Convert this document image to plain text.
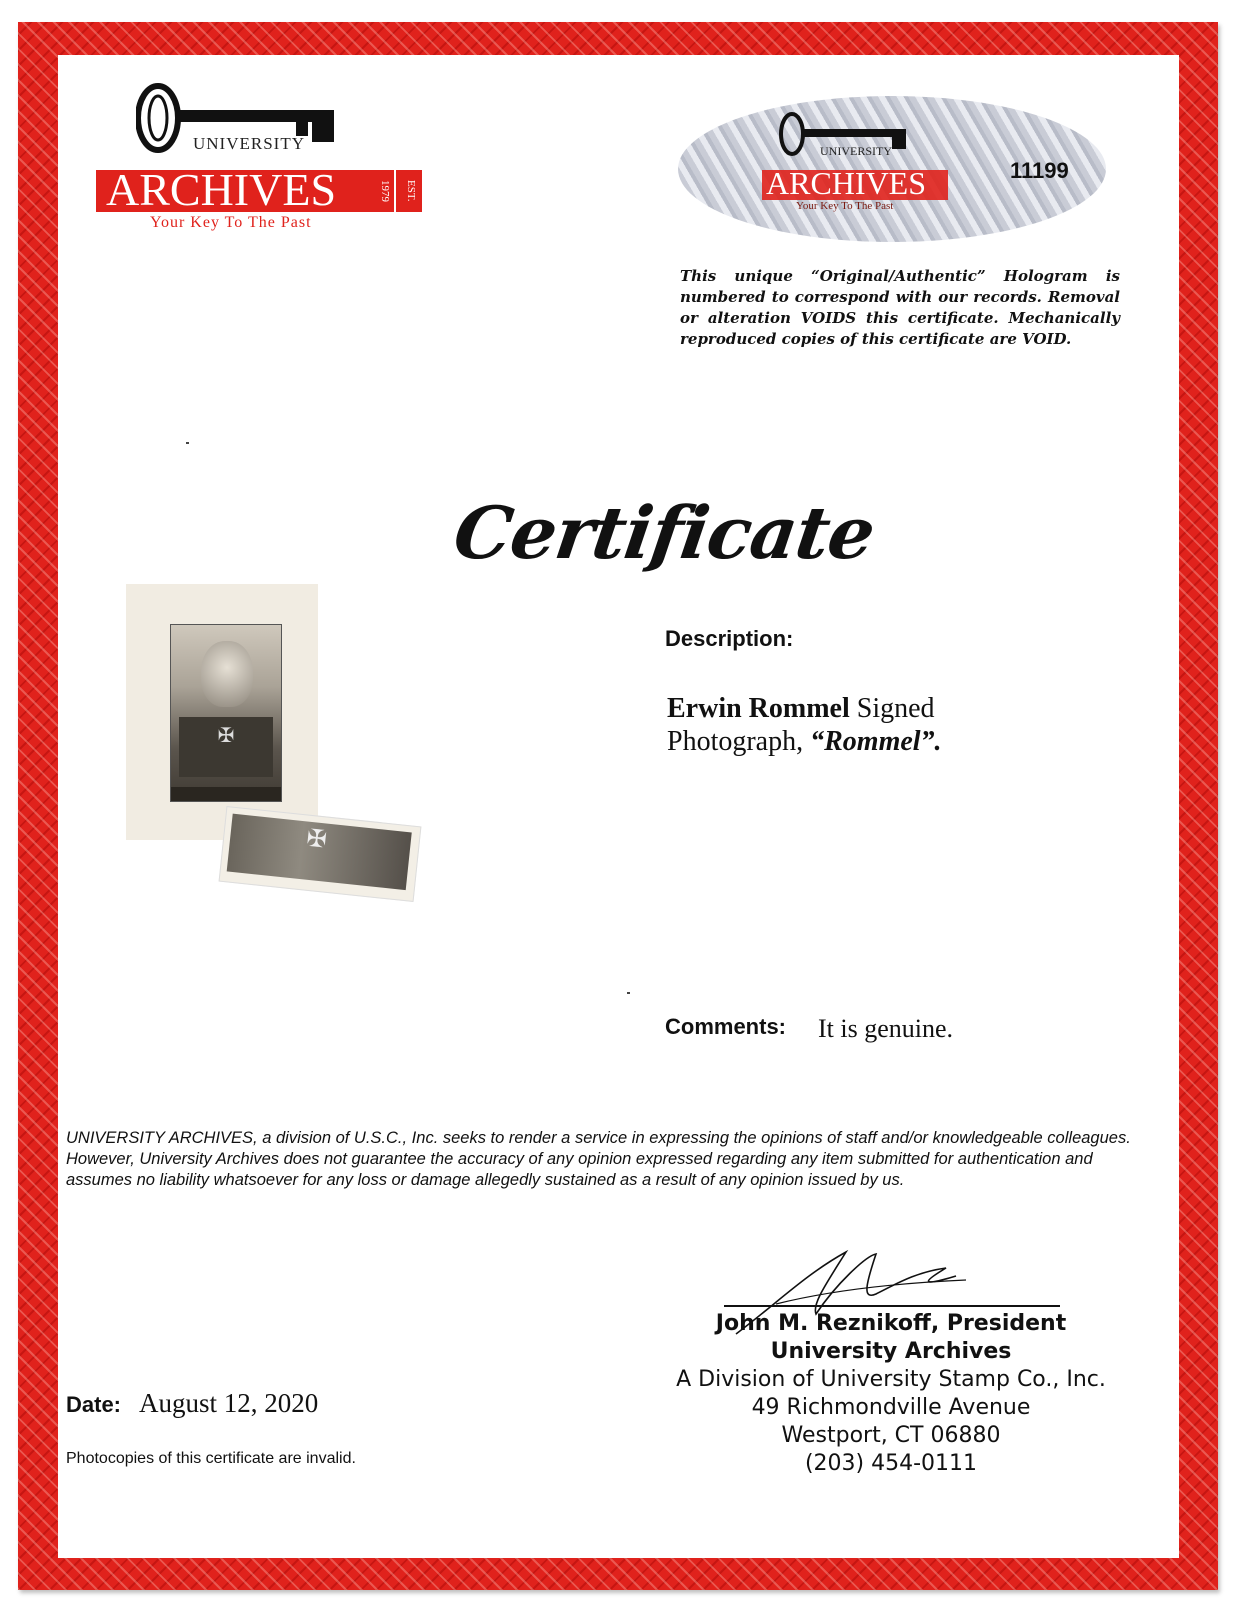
UNIVERSITY
ARCHIVES	EST. 1979
Your Key To The Past
UNIVERSITY
ARCHIVES
Your Key To The Past
11199
This unique “Original/Authentic” Hologram is numbered to correspond with our records. Removal or alteration VOIDS this certificate. Mechanically reproduced copies of this certificate are VOID.
Certificate
✠
✠
Description:
Erwin Rommel Signed
Photograph, “Rommel”.
Comments: It is genuine.
UNIVERSITY ARCHIVES, a division of U.S.C., Inc. seeks to render a service in expressing the opinions of staff and/or knowledgeable colleagues. However, University Archives does not guarantee the accuracy of any opinion expressed regarding any item submitted for authentication and assumes no liability whatsoever for any loss or damage allegedly sustained as a result of any opinion issued by us.
John M. Reznikoff, President
University Archives
A Division of University Stamp Co., Inc.
49 Richmondville Avenue
Westport, CT 06880
(203) 454-0111
Date: August 12, 2020
Photocopies of this certificate are invalid.
